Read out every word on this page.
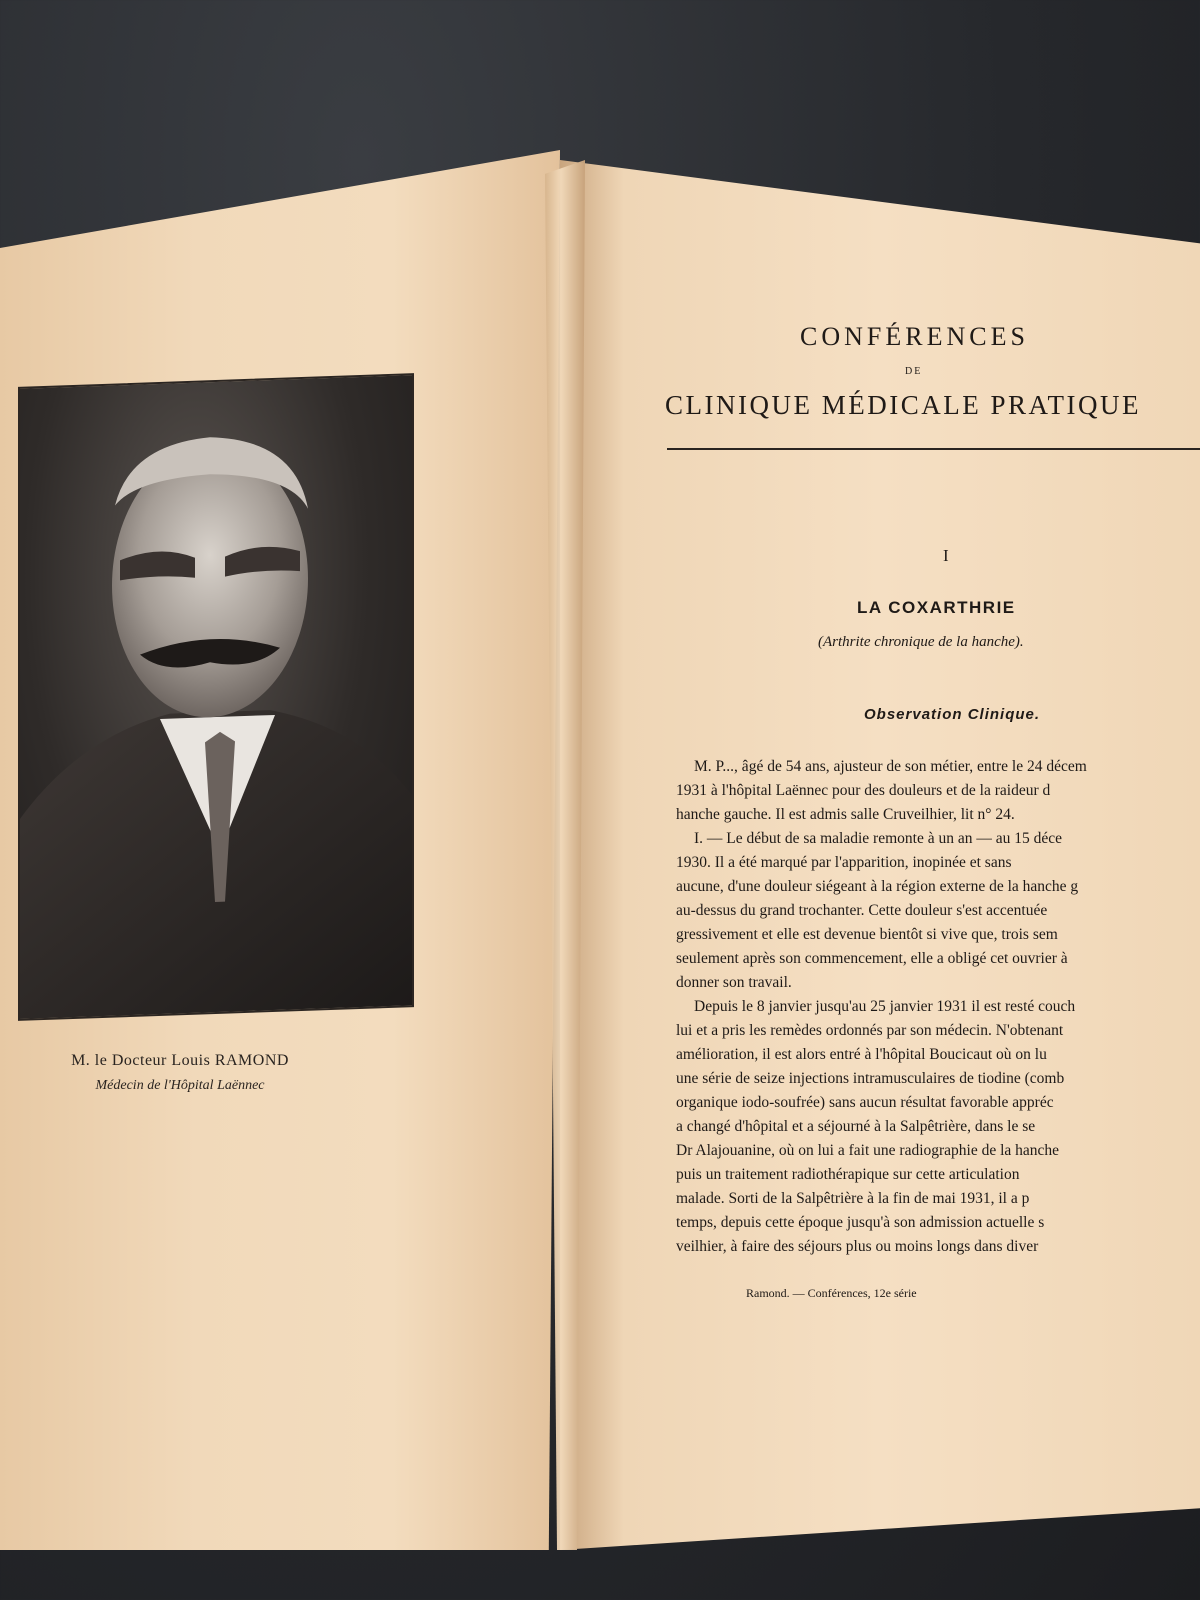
M. le Docteur Louis RAMOND
Médecin de l'Hôpital Laënnec
CONFÉRENCES
DE
CLINIQUE MÉDICALE PRATIQUE
I
LA COXARTHRIE
(Arthrite chronique de la hanche).
Observation Clinique.
M. P..., âgé de 54 ans, ajusteur de son métier, entre le 24 décem
1931 à l'hôpital Laënnec pour des douleurs et de la raideur d
hanche gauche. Il est admis salle Cruveilhier, lit n° 24.
I. — Le début de sa maladie remonte à un an — au 15 déce
1930. Il a été marqué par l'apparition, inopinée et sans
aucune, d'une douleur siégeant à la région externe de la hanche g
au-dessus du grand trochanter. Cette douleur s'est accentuée
gressivement et elle est devenue bientôt si vive que, trois sem
seulement après son commencement, elle a obligé cet ouvrier à
donner son travail.
Depuis le 8 janvier jusqu'au 25 janvier 1931 il est resté couch
lui et a pris les remèdes ordonnés par son médecin. N'obtenant
amélioration, il est alors entré à l'hôpital Boucicaut où on lu
une série de seize injections intramusculaires de tiodine (comb
organique iodo-soufrée) sans aucun résultat favorable appréc
a changé d'hôpital et a séjourné à la Salpêtrière, dans le se
Dr Alajouanine, où on lui a fait une radiographie de la hanche
puis un traitement radiothérapique sur cette articulation
malade. Sorti de la Salpêtrière à la fin de mai 1931, il a p
temps, depuis cette époque jusqu'à son admission actuelle s
veilhier, à faire des séjours plus ou moins longs dans diver
Ramond. — Conférences, 12e série
